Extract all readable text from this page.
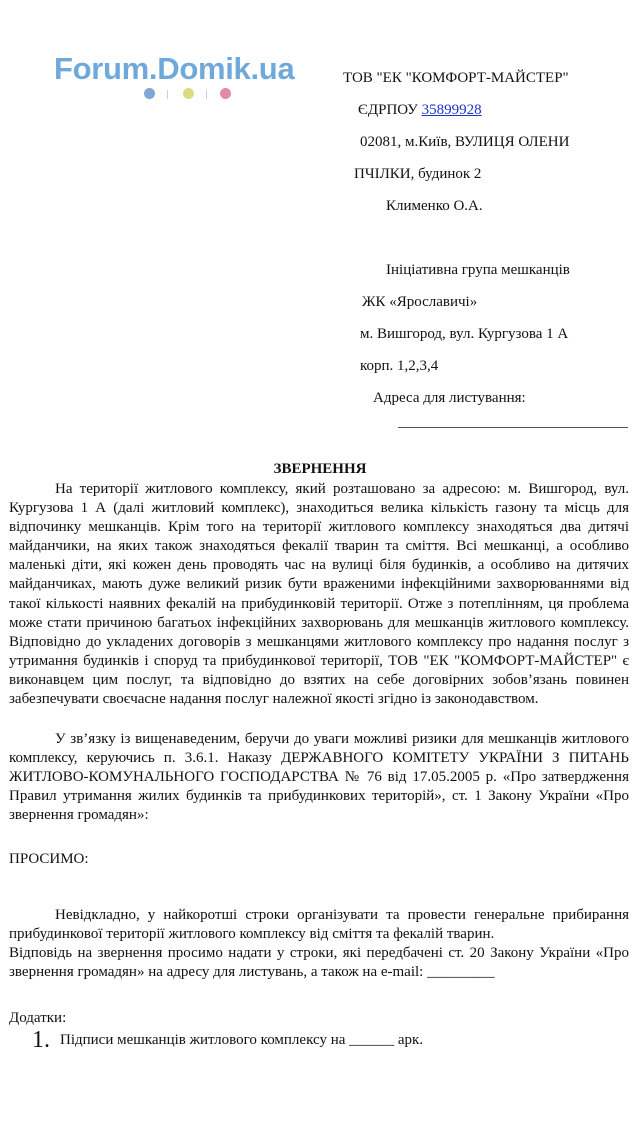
Forum.Domik.ua	ТОВ "ЕК "КОМФОРТ-МАЙСТЕР"
ЄДРПОУ 35899928
02081, м.Київ, ВУЛИЦЯ ОЛЕНИ
ПЧІЛКИ, будинок 2
Клименко О.А.
Ініціативна група мешканців
ЖК «Ярославичі»
м. Вишгород, вул. Кургузова 1 А
корп. 1,2,3,4
Адреса для листування:
ЗВЕРНЕННЯ

На території житлового комплексу, який розташовано за адресою: м. Вишгород, вул. Кургузова 1 А (далі житловий комплекс), знаходиться велика кількість газону та місць для відпочинку мешканців. Крім того на території житлового комплексу знаходяться два дитячі майданчики, на яких також знаходяться фекалії тварин та сміття. Всі мешканці, а особливо маленькі діти, які кожен день проводять час на вулиці біля будинків, а особливо на дитячих майданчиках, мають дуже великий ризик бути враженими інфекційними захворюваннями від такої кількості наявних фекалій на прибудинковій території. Отже з потеплінням, ця проблема може стати причиною багатьох інфекційних захворювань для мешканців житлового комплексу. Відповідно до укладених договорів з мешканцями житлового комплексу про надання послуг з утримання будинків і споруд та прибудинкової території, ТОВ "ЕК "КОМФОРТ-МАЙСТЕР" є виконавцем цим послуг, та відповідно до взятих на себе договірних зобов’язань повинен забезпечувати своєчасне надання послуг належної якості згідно із законодавством.

У зв’язку із вищенаведеним, беручи до уваги можливі ризики для мешканців житлового комплексу, керуючись п. 3.6.1. Наказу ДЕРЖАВНОГО КОМІТЕТУ УКРАЇНИ З ПИТАНЬ ЖИТЛОВО-КОМУНАЛЬНОГО ГОСПОДАРСТВА № 76 від 17.05.2005 р. «Про затвердження Правил утримання жилих будинків та прибудинкових територій», ст. 1 Закону України «Про звернення громадян»:

ПРОСИМО:

Невідкладно, у найкоротші строки організувати та провести генеральне прибирання прибудинкової території житлового комплексу від сміття та фекалій тварин.

Відповідь на звернення просимо надати у строки, які передбачені ст. 20 Закону України «Про звернення громадян» на адресу для листувань, а також на e-mail: _________

Додатки:
1. Підписи мешканців житлового комплексу на ______ арк.
